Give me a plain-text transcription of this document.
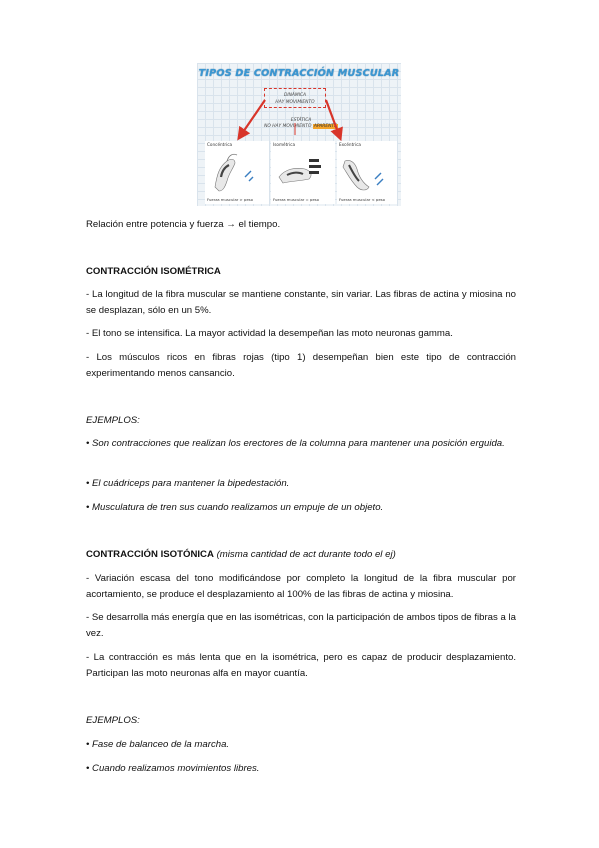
TIPOS DE CONTRACCIÓN MUSCULAR
DINÁMICA
HAY MOVIMIENTO
ESTÁTICA
NO HAY MOVIMIENTO APARENTE
Concéntrica
Fuerza muscular > peso
Isométrica
Fuerza muscular = peso
Excéntrica
Fuerza muscular < peso

Relación entre potencia y fuerza → el tiempo.

CONTRACCIÓN ISOMÉTRICA

- La longitud de la fibra muscular se mantiene constante, sin variar. Las fibras de actina y miosina no se desplazan, sólo en un 5%.

- El tono se intensifica. La mayor actividad la desempeñan las moto neuronas gamma.

- Los músculos ricos en fibras rojas (tipo 1) desempeñan bien este tipo de contracción experimentando menos cansancio.

EJEMPLOS:

• Son contracciones que realizan los erectores de la columna para mantener una posición erguida.

• El cuádriceps para mantener la bipedestación.

• Musculatura de tren sus cuando realizamos un empuje de un objeto.

CONTRACCIÓN ISOTÓNICA (misma cantidad de act durante todo el ej)

- Variación escasa del tono modificándose por completo la longitud de la fibra muscular por acortamiento, se produce el desplazamiento al 100% de las fibras de actina y miosina.

- Se desarrolla más energía que en las isométricas, con la participación de ambos tipos de fibras a la vez.

- La contracción es más lenta que en la isométrica, pero es capaz de producir desplazamiento. Participan las moto neuronas alfa en mayor cuantía.

EJEMPLOS:

• Fase de balanceo de la marcha.

• Cuando realizamos movimientos libres.
